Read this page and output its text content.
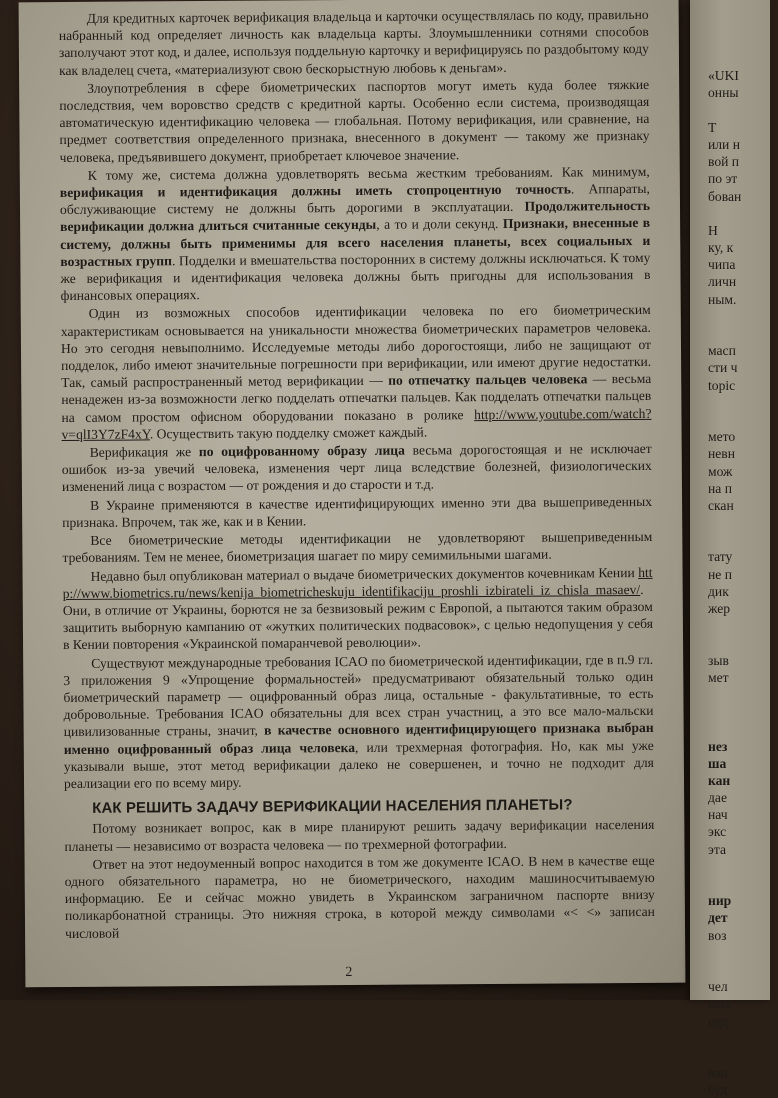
Для кредитных карточек верификация владельца и карточки осуществлялась по коду, правильно набранный код определяет личность как владельца карты. Злоумышленники сотнями способов заполучают этот код, и далее, используя поддельную карточку и верифицируясь по раздобытому коду как владелец счета, «материализуют свою бескорыстную любовь к деньгам».

Злоупотребления в сфере биометрических паспортов могут иметь куда более тяжкие последствия, чем воровство средств с кредитной карты. Особенно если система, производящая автоматическую идентификацию человека — глобальная. Потому верификация, или сравнение, на предмет соответствия определенного признака, внесенного в документ — такому же признаку человека, предъявившего документ, приобретает ключевое значение.

К тому же, система должна удовлетворять весьма жестким требованиям. Как минимум, верификация и идентификация должны иметь стопроцентную точность. Аппараты, обслуживающие систему не должны быть дорогими в эксплуатации. Продолжительность верификации должна длиться считанные секунды, а то и доли секунд. Признаки, внесенные в систему, должны быть применимы для всего населения планеты, всех социальных и возрастных групп. Подделки и вмешательства посторонних в систему должны исключаться. К тому же верификация и идентификация человека должны быть пригодны для использования в финансовых операциях.

Один из возможных способов идентификации человека по его биометрическим характеристикам основывается на уникальности множества биометрических параметров человека. Но это сегодня невыполнимо. Исследуемые методы либо дорогостоящи, либо не защищают от подделок, либо имеют значительные погрешности при верификации, или имеют другие недостатки. Так, самый распространенный метод верификации — по отпечатку пальцев человека — весьма ненадежен из-за возможности легко подделать отпечатки пальцев. Как подделать отпечатки пальцев на самом простом офисном оборудовании показано в ролике http://www.youtube.com/watch?v=qlI3Y7zF4xY. Осуществить такую подделку сможет каждый.

Верификация же по оцифрованному образу лица весьма дорогостоящая и не исключает ошибок из-за увечий человека, изменения черт лица вследствие болезней, физиологических изменений лица с возрастом — от рождения и до старости и т.д.

В Украине применяются в качестве идентифицирующих именно эти два вышеприведенных признака. Впрочем, так же, как и в Кении.

Все биометрические методы идентификации не удовлетворяют вышеприведенным требованиям. Тем не менее, биометризация шагает по миру семимильными шагами.

Недавно был опубликован материал о выдаче биометрических документов кочевникам Кении http://www.biometrics.ru/news/kenija_biometricheskuju_identifikaciju_proshli_izbirateli_iz_chisla_masaev/. Они, в отличие от Украины, борются не за безвизовый режим с Европой, а пытаются таким образом защитить выборную кампанию от «жутких политических подвасовок», с целью недопущения у себя в Кении повторения «Украинской помаранчевой революции».

Существуют международные требования ICAO по биометрической идентификации, где в п.9 гл. 3 приложения 9 «Упрощение формальностей» предусматривают обязательный только один биометрический параметр — оцифрованный образ лица, остальные - факультативные, то есть добровольные. Требования ICAO обязательны для всех стран участниц, а это все мало-мальски цивилизованные страны, значит, в качестве основного идентифицирующего признака выбран именно оцифрованный образ лица человека, или трехмерная фотография. Но, как мы уже указывали выше, этот метод верификации далеко не совершенен, и точно не подходит для реализации его по всему миру.

КАК РЕШИТЬ ЗАДАЧУ ВЕРИФИКАЦИИ НАСЕЛЕНИЯ ПЛАНЕТЫ?

Потому возникает вопрос, как в мире планируют решить задачу верификации населения планеты — независимо от возраста человека — по трехмерной фотографии.

Ответ на этот недоуменный вопрос находится в том же документе ICAO. В нем в качестве еще одного обязательного параметра, но не биометрического, находим машиносчитываемую информацию. Ее и сейчас можно увидеть в Украинском заграничном паспорте внизу поликарбонатной страницы. Это нижняя строка, в которой между символами «< <» записан числовой

2
«UKI
онны
Т
или н
вой п
по эт
бован
Н
ку, к
чипа
личн
ным.
масп
сти ч
topic
мето
невн
мож
на п
скан
тату
не п
дик
жер
зыв
мет
нез
ша
кан
дае
нач
экс
эта
нир
дет
воз
чел
ных
цед
ван
буд
